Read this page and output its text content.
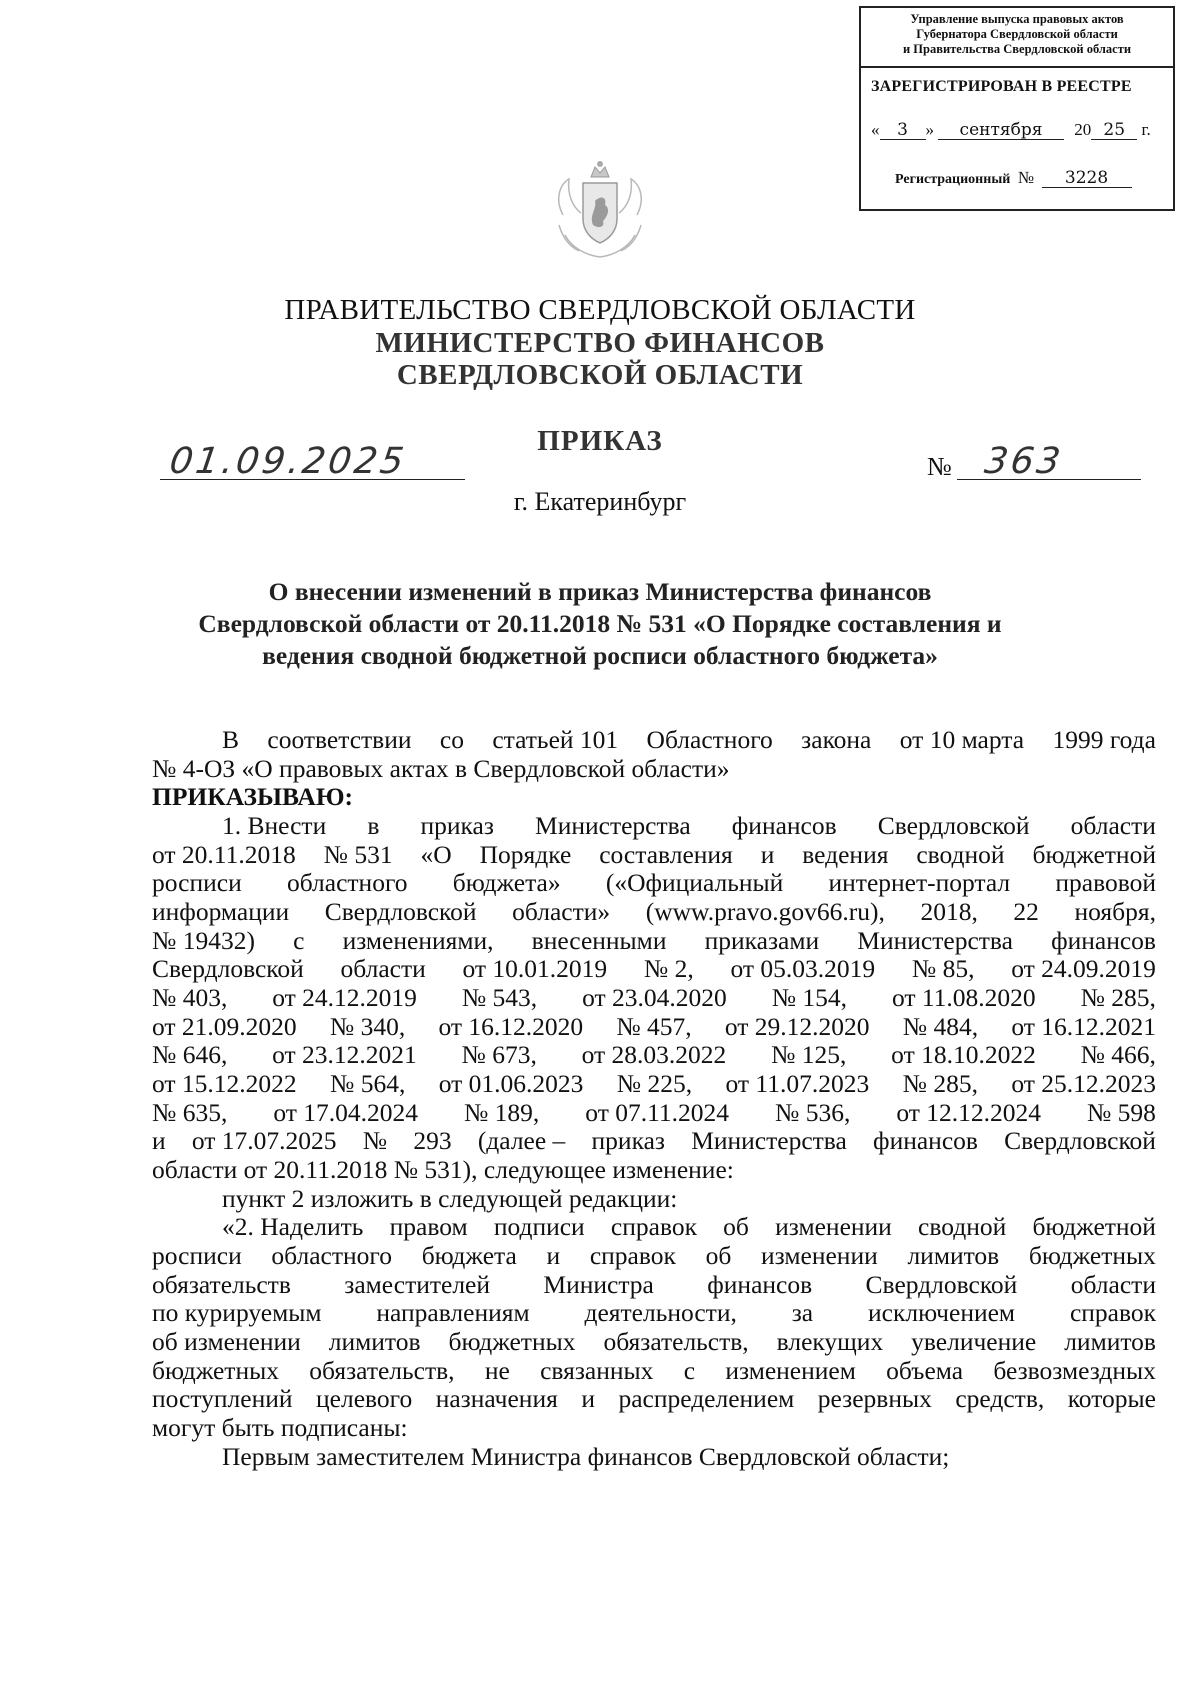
Управление выпуска правовых актов
Губернатора Свердловской области
и Правительства Свердловской области
ЗАРЕГИСТРИРОВАН В РЕЕСТРЕ
« 3 » сентября 20 25 г.
Регистрационный № 3228
ПРАВИТЕЛЬСТВО СВЕРДЛОВСКОЙ ОБЛАСТИ
МИНИСТЕРСТВО ФИНАНСОВ
СВЕРДЛОВСКОЙ ОБЛАСТИ
ПРИКАЗ
01.09.2025	№ 363
г. Екатеринбург
О внесении изменений в приказ Министерства финансов
Свердловской области от 20.11.2018 № 531 «О Порядке составления и
ведения сводной бюджетной росписи областного бюджета»
В соответствии со статьей 101 Областного закона от 10 марта 1999 года
№ 4-ОЗ «О правовых актах в Свердловской области»
ПРИКАЗЫВАЮ:
1. Внести в приказ Министерства финансов Свердловской области
от 20.11.2018 № 531 «О Порядке составления и ведения сводной бюджетной
росписи областного бюджета» («Официальный интернет-портал правовой
информации Свердловской области» (www.pravo.gov66.ru), 2018, 22 ноября,
№ 19432) с изменениями, внесенными приказами Министерства финансов
Свердловской области от 10.01.2019 № 2, от 05.03.2019 № 85, от 24.09.2019
№ 403, от 24.12.2019 № 543, от 23.04.2020 № 154, от 11.08.2020 № 285,
от 21.09.2020 № 340, от 16.12.2020 № 457, от 29.12.2020 № 484, от 16.12.2021
№ 646, от 23.12.2021 № 673, от 28.03.2022 № 125, от 18.10.2022 № 466,
от 15.12.2022 № 564, от 01.06.2023 № 225, от 11.07.2023 № 285, от 25.12.2023
№ 635, от 17.04.2024 № 189, от 07.11.2024 № 536, от 12.12.2024 № 598
и от 17.07.2025 № 293 (далее – приказ Министерства финансов Свердловской
области от 20.11.2018 № 531), следующее изменение:
пункт 2 изложить в следующей редакции:
«2. Наделить правом подписи справок об изменении сводной бюджетной
росписи областного бюджета и справок об изменении лимитов бюджетных
обязательств заместителей Министра финансов Свердловской области
по курируемым направлениям деятельности, за исключением справок
об изменении лимитов бюджетных обязательств, влекущих увеличение лимитов
бюджетных обязательств, не связанных с изменением объема безвозмездных
поступлений целевого назначения и распределением резервных средств, которые
могут быть подписаны:
Первым заместителем Министра финансов Свердловской области;
